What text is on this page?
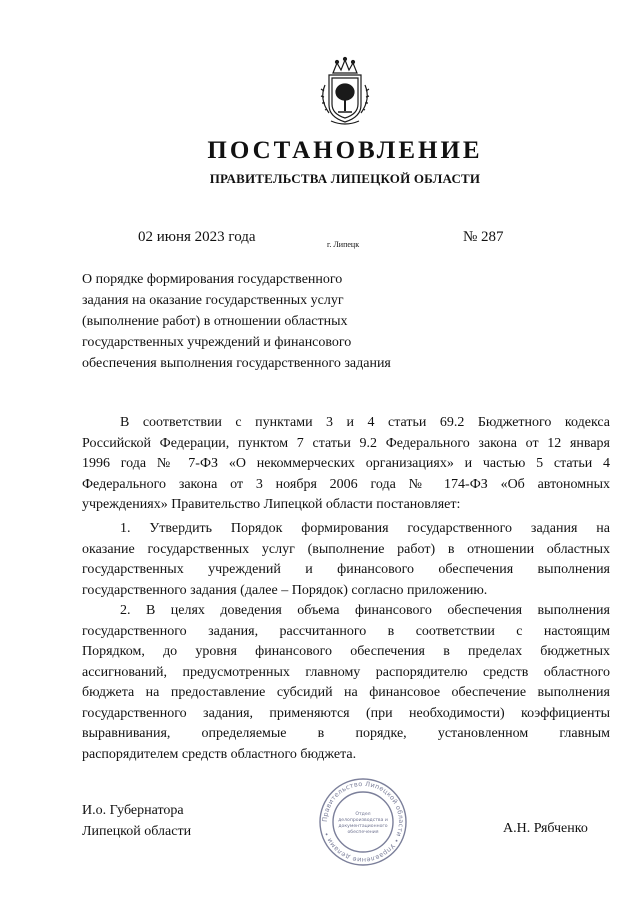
ПОСТАНОВЛЕНИЕ
ПРАВИТЕЛЬСТВА ЛИПЕЦКОЙ ОБЛАСТИ
02 июня 2023 года	г. Липецк	№ 287
О порядке формирования государственного
задания на оказание государственных услуг
(выполнение работ) в отношении областных
государственных учреждений и финансового
обеспечения выполнения государственного задания
В соответствии с пунктами 3 и 4 статьи 69.2 Бюджетного кодекса
Российской Федерации, пунктом 7 статьи 9.2 Федерального закона от 12 января
1996 года № 7-ФЗ «О некоммерческих организациях» и частью 5 статьи 4
Федерального закона от 3 ноября 2006 года № 174-ФЗ «Об автономных
учреждениях» Правительство Липецкой области постановляет:
1. Утвердить Порядок формирования государственного задания на
оказание государственных услуг (выполнение работ) в отношении областных
государственных учреждений и финансового обеспечения выполнения
государственного задания (далее – Порядок) согласно приложению.
2. В целях доведения объема финансового обеспечения выполнения
государственного задания, рассчитанного в соответствии с настоящим
Порядком, до уровня финансового обеспечения в пределах бюджетных
ассигнований, предусмотренных главному распорядителю средств областного
бюджета на предоставление субсидий на финансовое обеспечение выполнения
государственного задания, применяются (при необходимости) коэффициенты
выравнивания, определяемые в порядке, установленном главным
распорядителем средств областного бюджета.
И.о. Губернатора
Липецкой области	А.Н. Рябченко
Правительство Липецкой области • Управление делами •
Отдел
делопроизводства и
документационного
обеспечения
